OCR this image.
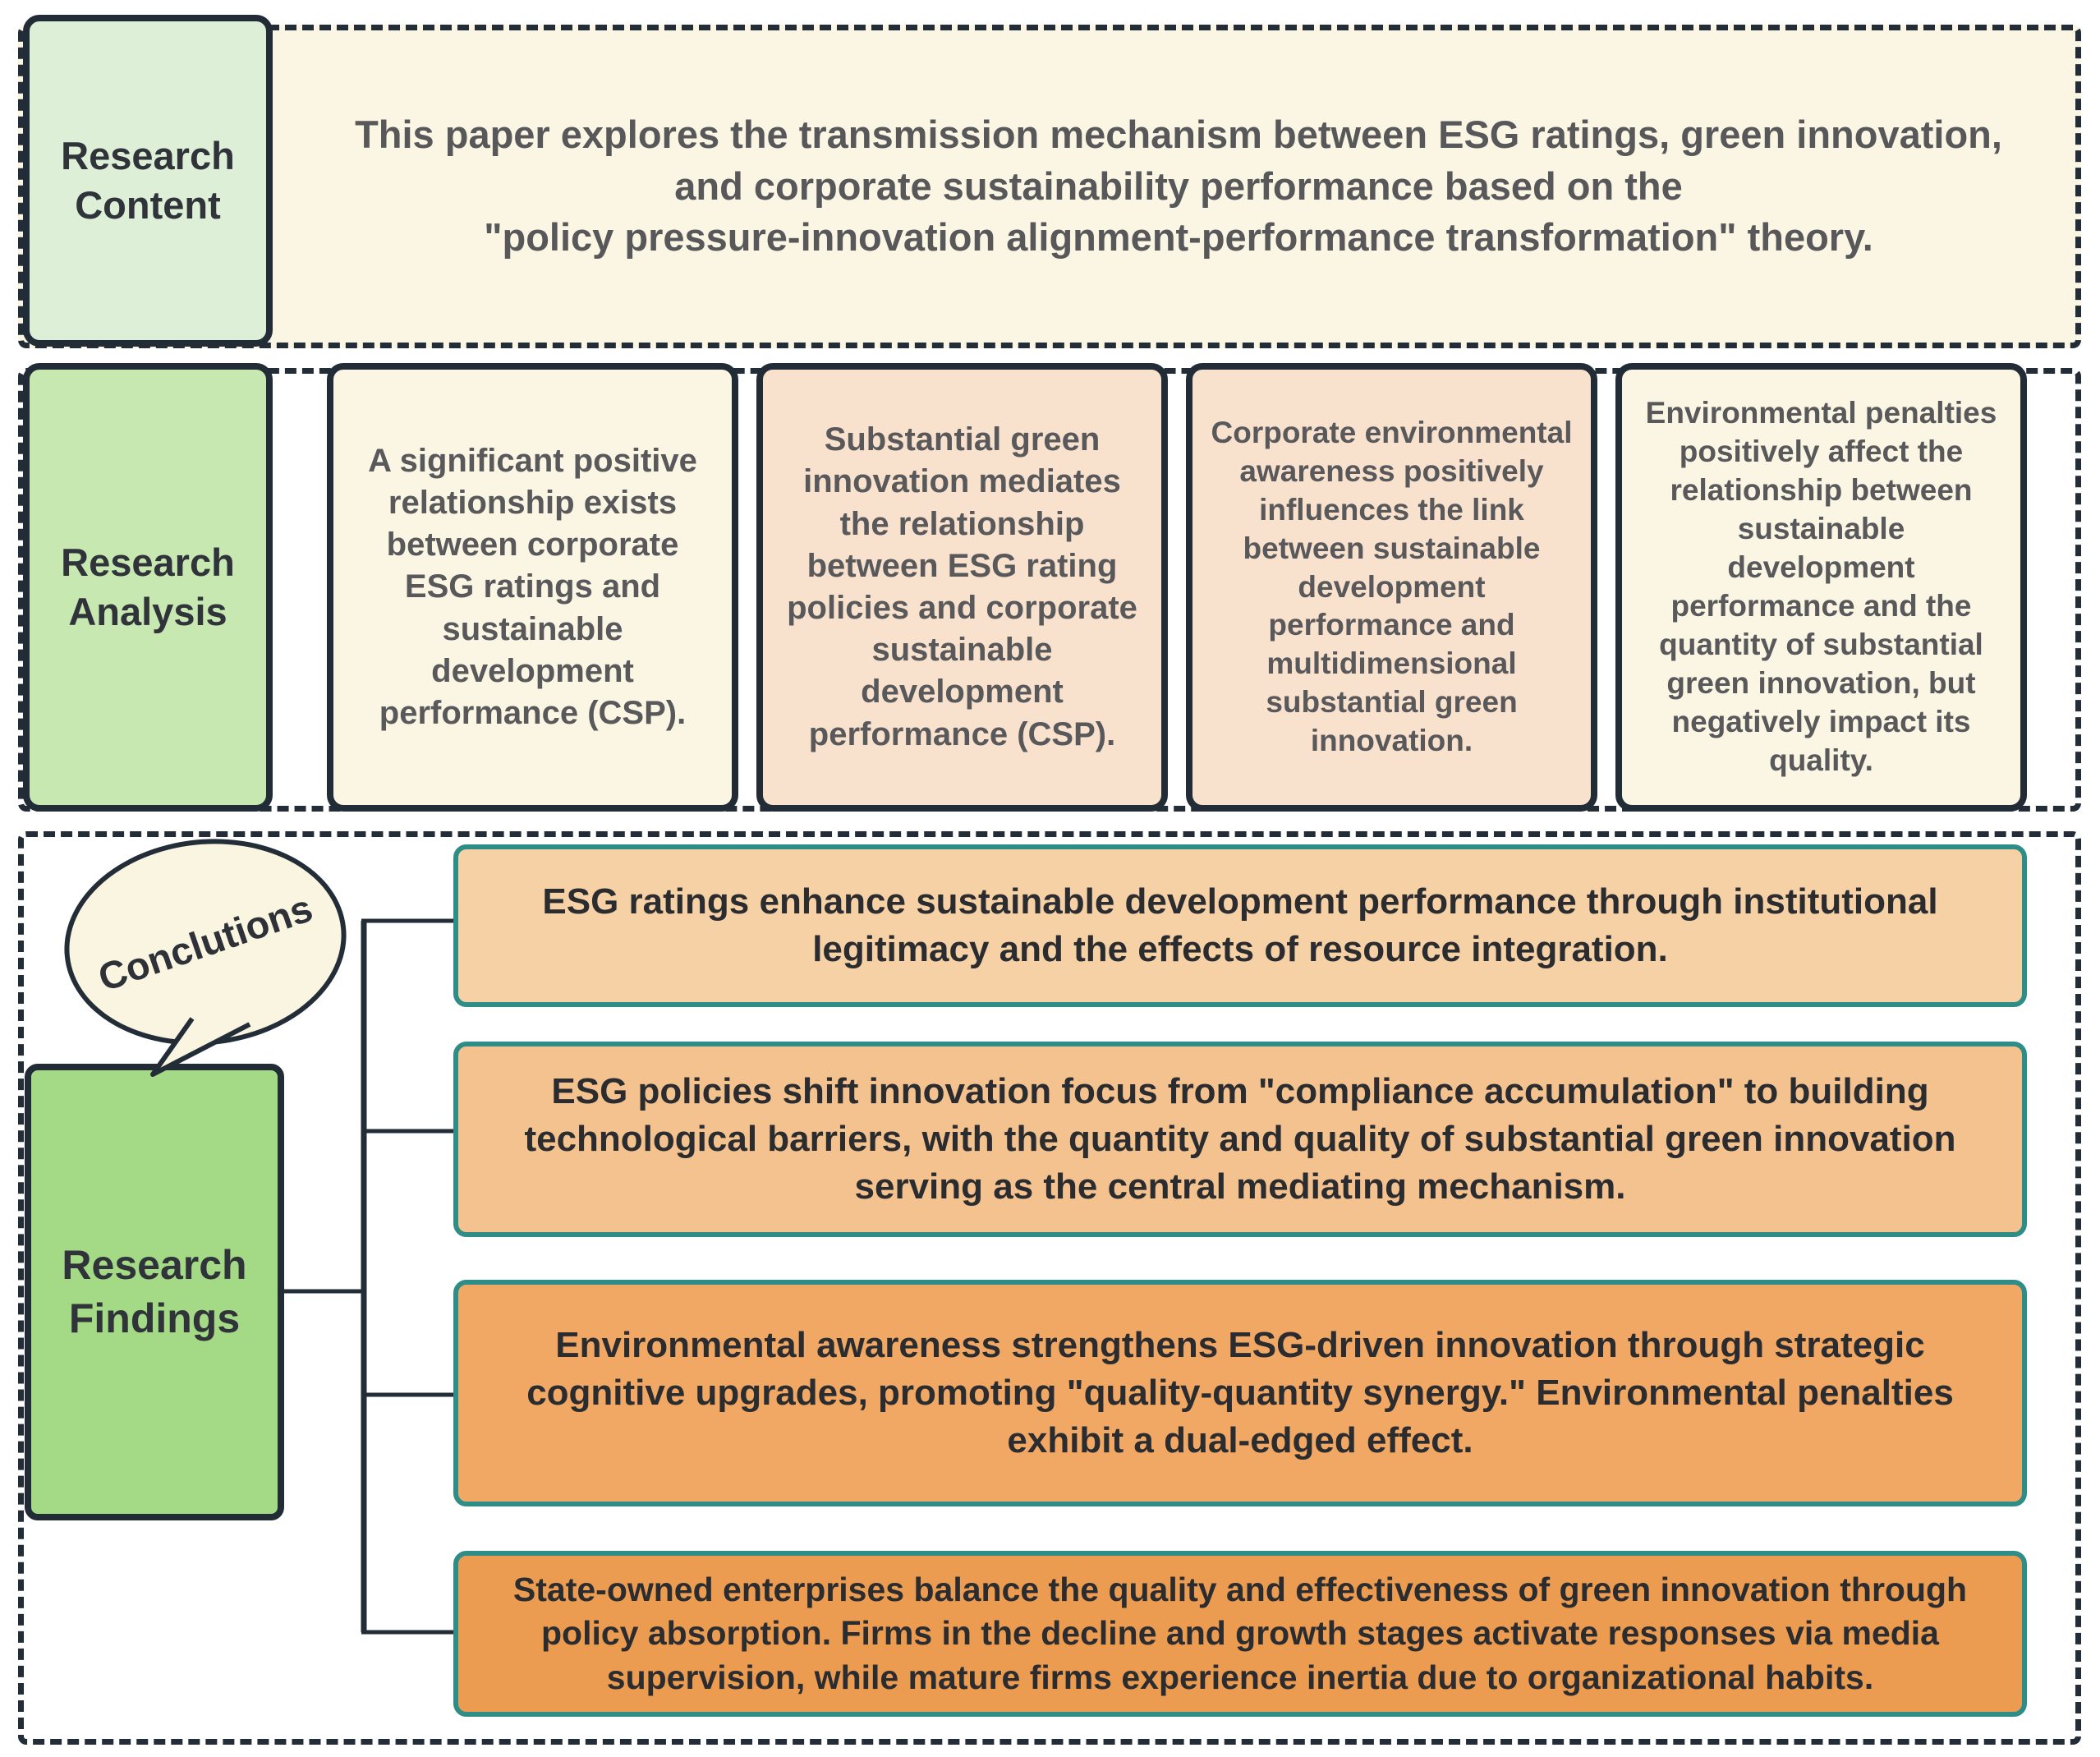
Research Content
This paper explores the transmission mechanism between ESG ratings, green innovation,
and corporate sustainability performance based on the
"policy pressure-innovation alignment-performance transformation" theory.
Research Analysis
A significant positive relationship exists between corporate ESG ratings and sustainable development performance (CSP).
Substantial green innovation mediates the relationship between ESG rating policies and corporate sustainable development performance (CSP).
Corporate environmental awareness positively influences the link between sustainable development performance and multidimensional substantial green innovation.
Environmental penalties positively affect the relationship between sustainable development performance and the quantity of substantial green innovation, but negatively impact its quality.
Research Findings
Conclutions	ESG ratings enhance sustainable development performance through institutional legitimacy and the effects of resource integration.
ESG policies shift innovation focus from "compliance accumulation" to building technological barriers, with the quantity and quality of substantial green innovation serving as the central mediating mechanism.
Environmental awareness strengthens ESG-driven innovation through strategic cognitive upgrades, promoting "quality-quantity synergy." Environmental penalties exhibit a dual-edged effect.
State-owned enterprises balance the quality and effectiveness of green innovation through policy absorption. Firms in the decline and growth stages activate responses via media supervision, while mature firms experience inertia due to organizational habits.
